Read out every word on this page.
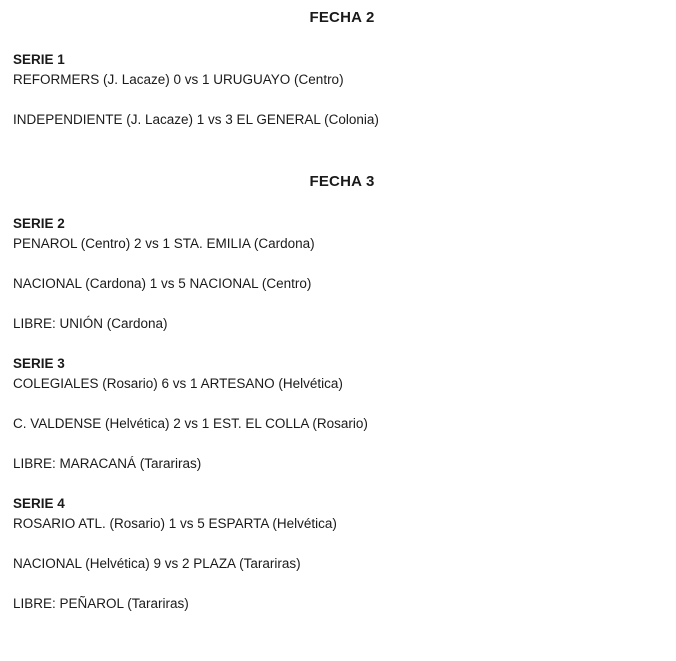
FECHA 2
SERIE 1
REFORMERS (J. Lacaze) 0 vs 1 URUGUAYO (Centro)
INDEPENDIENTE (J. Lacaze) 1 vs 3 EL GENERAL (Colonia)
FECHA 3
SERIE 2
PENAROL (Centro) 2 vs 1 STA. EMILIA (Cardona)
NACIONAL (Cardona) 1 vs 5 NACIONAL (Centro)
LIBRE: UNIÓN (Cardona)
SERIE 3
COLEGIALES (Rosario) 6 vs 1 ARTESANO (Helvética)
C. VALDENSE (Helvética) 2 vs 1 EST. EL COLLA (Rosario)
LIBRE: MARACANÁ (Tarariras)
SERIE 4
ROSARIO ATL. (Rosario) 1 vs 5 ESPARTA (Helvética)
NACIONAL (Helvética) 9 vs 2 PLAZA (Tarariras)
LIBRE: PEÑAROL (Tarariras)
